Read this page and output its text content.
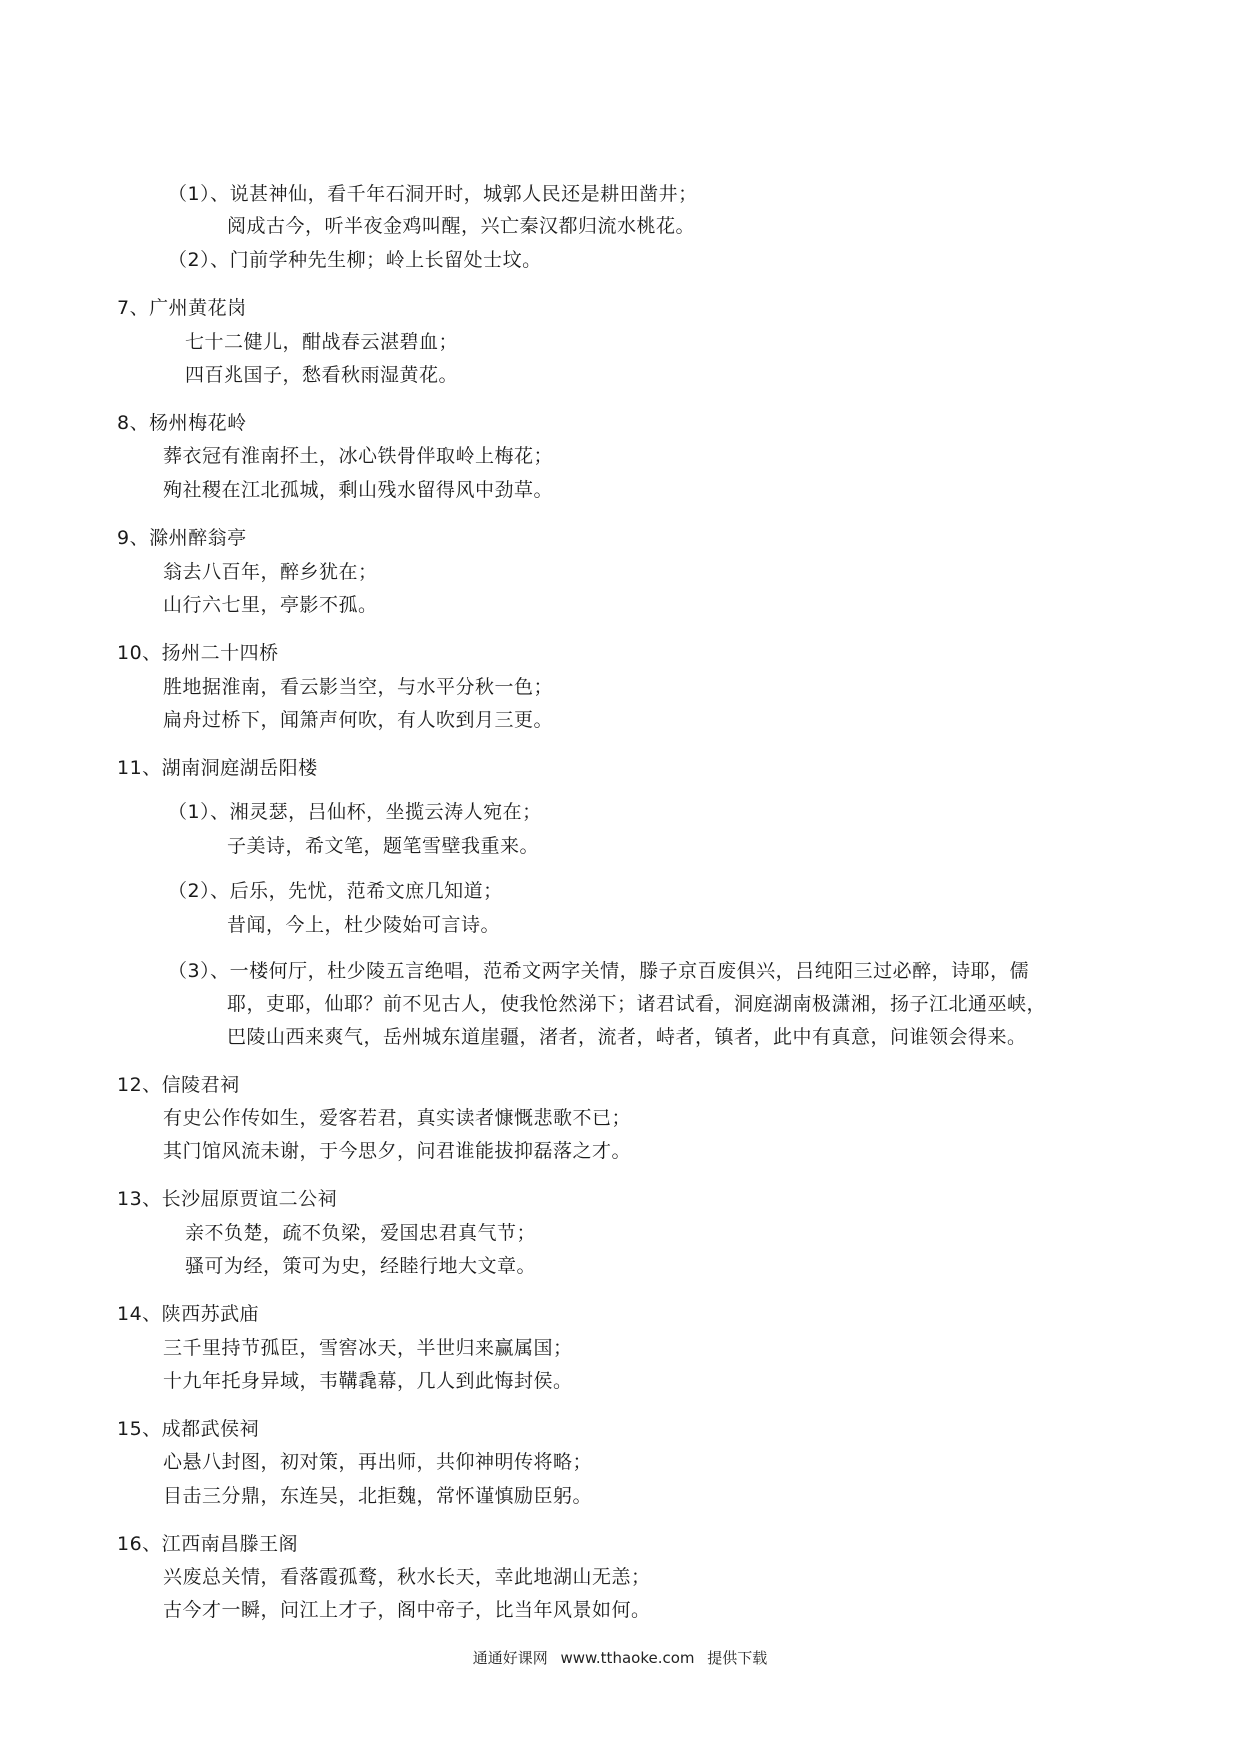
（1）、说甚神仙，看千年石洞开时，城郭人民还是耕田凿井；
阅成古今，听半夜金鸡叫醒，兴亡秦汉都归流水桃花。
（2）、门前学种先生柳；岭上长留处士坟。
7、广州黄花岗
七十二健儿，酣战春云湛碧血；
四百兆国子，愁看秋雨湿黄花。
8、杨州梅花岭
葬衣冠有淮南抔土，冰心铁骨伴取岭上梅花；
殉社稷在江北孤城，剩山残水留得风中劲草。
9、滁州醉翁亭
翁去八百年，醉乡犹在；
山行六七里，亭影不孤。
10、扬州二十四桥
胜地据淮南，看云影当空，与水平分秋一色；
扁舟过桥下，闻箫声何吹，有人吹到月三更。
11、湖南洞庭湖岳阳楼
（1）、湘灵瑟，吕仙杯，坐揽云涛人宛在；
子美诗，希文笔，题笔雪壁我重来。
（2）、后乐，先忧，范希文庶几知道；
昔闻，今上，杜少陵始可言诗。
（3）、一楼何厅，杜少陵五言绝唱，范希文两字关情，滕子京百废俱兴，吕纯阳三过必醉，诗耶，儒
耶，吏耶，仙耶？前不见古人，使我怆然涕下；诸君试看，洞庭湖南极潇湘，扬子江北通巫峡，
巴陵山西来爽气，岳州城东道崖疆，渚者，流者，峙者，镇者，此中有真意，问谁领会得来。
12、信陵君祠
有史公作传如生，爱客若君，真实读者慷慨悲歌不已；
其门馆风流未谢，于今思夕，问君谁能拔抑磊落之才。
13、长沙屈原贾谊二公祠
亲不负楚，疏不负梁，爱国忠君真气节；
骚可为经，策可为史，经睦行地大文章。
14、陕西苏武庙
三千里持节孤臣，雪窖冰天，半世归来赢属国；
十九年托身异域，韦鞲毳幕，几人到此悔封侯。
15、成都武侯祠
心悬八封图，初对策，再出师，共仰神明传将略；
目击三分鼎，东连吴，北拒魏，常怀谨慎励臣躬。
16、江西南昌滕王阁
兴废总关情，看落霞孤鹜，秋水长天，幸此地湖山无恙；
古今才一瞬，问江上才子，阁中帝子，比当年风景如何。
通通好课网 www.tthaoke.com 提供下载
